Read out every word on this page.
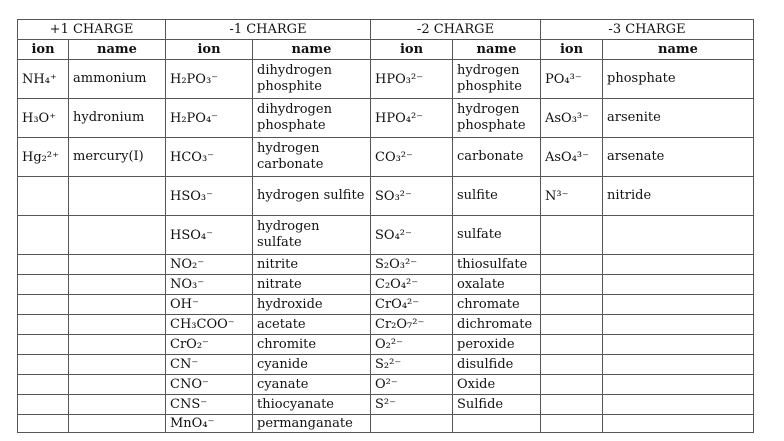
+1 CHARGE		-1 CHARGE		-2 CHARGE		-3 CHARGE	
ion	name	ion	name	ion	name	ion	name
NH₄⁺	ammonium	H₂PO₃⁻	dihydrogen phosphite	HPO₃²⁻	hydrogen phosphite	PO₄³⁻	phosphate
H₃O⁺	hydronium	H₂PO₄⁻	dihydrogen phosphate	HPO₄²⁻	hydrogen phosphate	AsO₃³⁻	arsenite
Hg₂²⁺	mercury(I)	HCO₃⁻	hydrogen carbonate	CO₃²⁻	carbonate	AsO₄³⁻	arsenate
		HSO₃⁻	hydrogen sulfite	SO₃²⁻	sulfite	N³⁻	nitride
		HSO₄⁻	hydrogen sulfate	SO₄²⁻	sulfate		
		NO₂⁻	nitrite	S₂O₃²⁻	thiosulfate		
		NO₃⁻	nitrate	C₂O₄²⁻	oxalate		
		OH⁻	hydroxide	CrO₄²⁻	chromate		
		CH₃COO⁻	acetate	Cr₂O₇²⁻	dichromate		
		CrO₂⁻	chromite	O₂²⁻	peroxide		
		CN⁻	cyanide	S₂²⁻	disulfide		
		CNO⁻	cyanate	O²⁻	Oxide		
		CNS⁻	thiocyanate	S²⁻	Sulfide		
		MnO₄⁻	permanganate				
